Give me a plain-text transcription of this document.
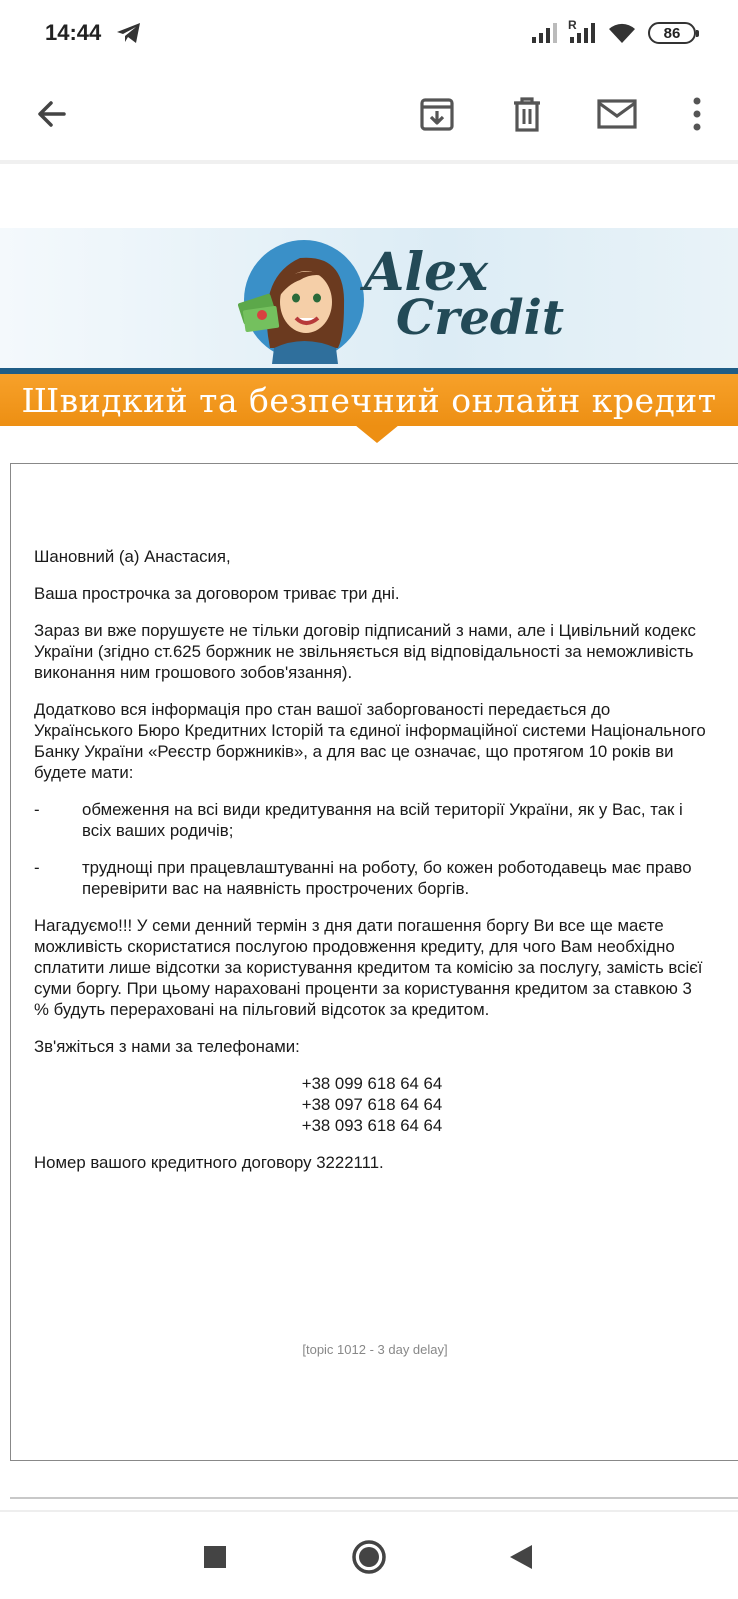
14:44	R	86
Alex
Credit
Швидкий та безпечний онлайн кредит

Шановний (а) Анастасия,

Ваша прострочка за договором триває три дні.

Зараз ви вже порушуєте не тільки договір підписаний з нами, але і Цивільний кодекс України (згідно ст.625 боржник не звільняється від відповідальності за неможливість виконання ним грошового зобов'язання).

Додатково вся інформація про стан вашої заборгованості передається до Українського Бюро Кредитних Історій та єдиної інформаційної системи Національного Банку України «Реєстр боржників», а для вас це означає, що протягом 10 років ви будете мати:

-	обмеження на всі види кредитування на всій території України, як у Вас, так і всіх ваших родичів;

-	труднощі при працевлаштуванні на роботу, бо кожен роботодавець має право перевірити вас на наявність прострочених боргів.

Нагадуємо!!! У семи денний термін з дня дати погашення боргу Ви все ще маєте можливість скористатися послугою продовження кредиту, для чого Вам необхідно сплатити лише відсотки за користування кредитом та комісію за послугу, замість всієї суми боргу. При цьому нараховані проценти за користування кредитом за ставкою 3 % будуть перераховані на пільговий відсоток за кредитом.

Зв'яжіться з нами за телефонами:

+38 099 618 64 64
+38 097 618 64 64
+38 093 618 64 64

Номер вашого кредитного договору 3222111.

[topic 1012 - 3 day delay]
